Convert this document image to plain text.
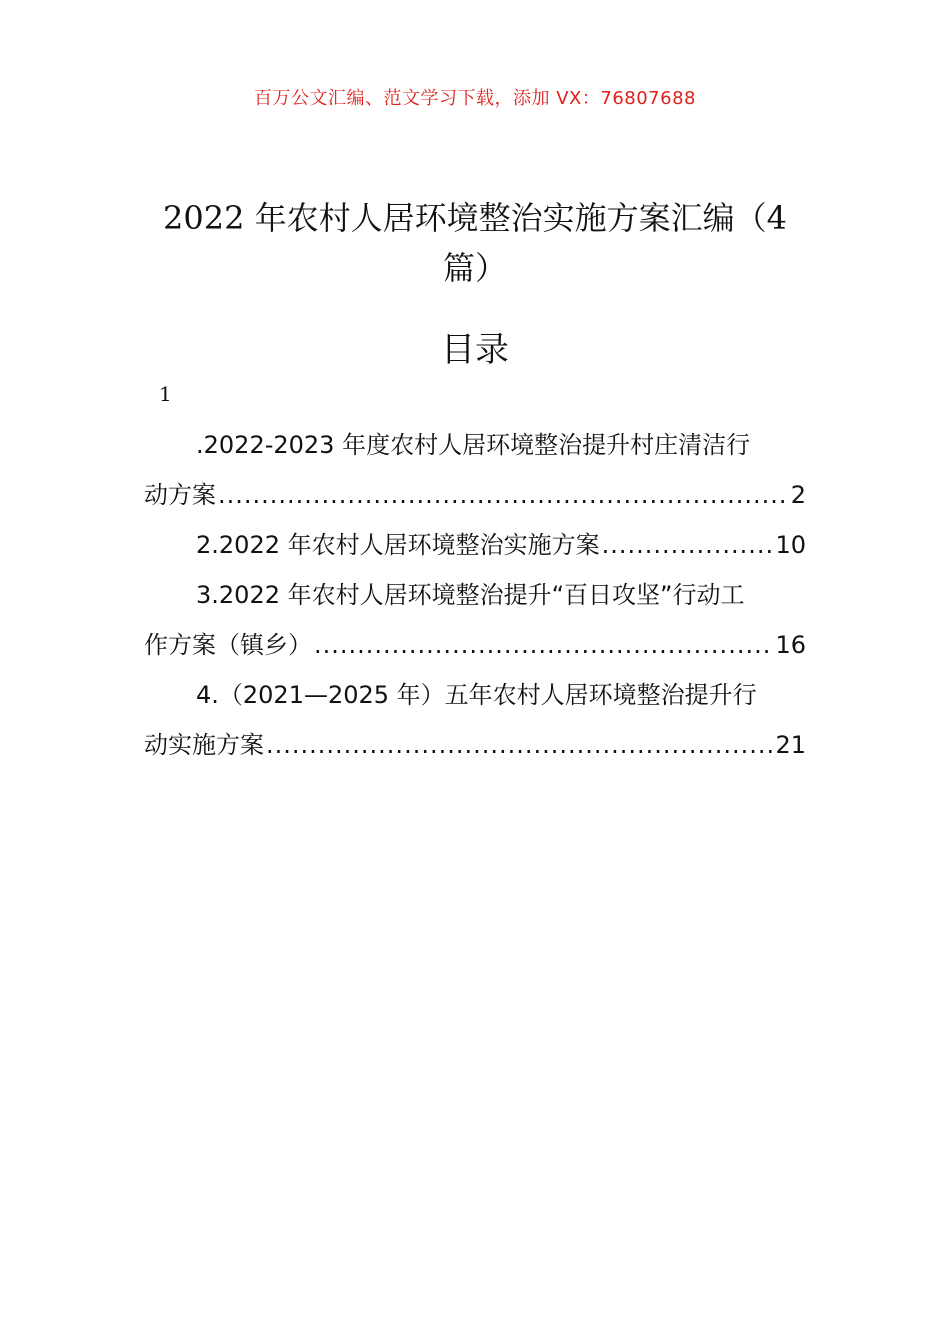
百万公文汇编、范文学习下载，添加 VX：76807688
2022 年农村人居环境整治实施方案汇编（4 篇）
目录
1
.2022-2023 年度农村人居环境整治提升村庄清洁行
动方案 .....	2
2.2022 年农村人居环境整治实施方案 .....	10
3.2022 年农村人居环境整治提升“百日攻坚”行动工
作方案（镇乡） .....	16
4.（2021—2025 年）五年农村人居环境整治提升行
动实施方案 .....	21
